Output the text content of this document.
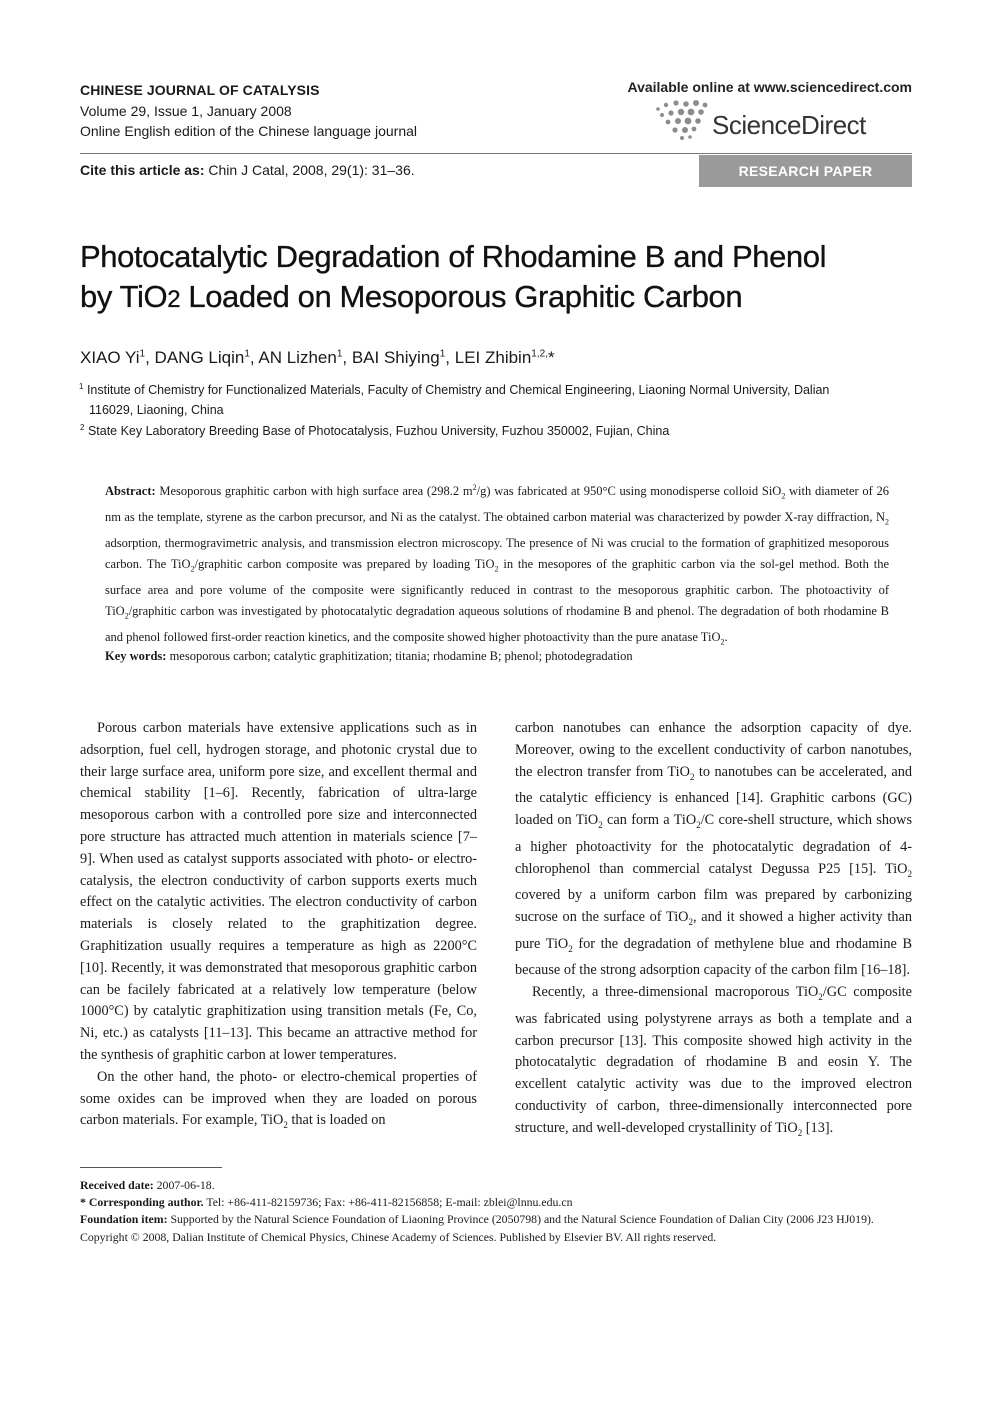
CHINESE JOURNAL OF CATALYSIS
Volume 29, Issue 1, January 2008
Online English edition of the Chinese language journal
Available online at www.sciencedirect.com
ScienceDirect
Cite this article as: Chin J Catal, 2008, 29(1): 31–36.	RESEARCH PAPER
Photocatalytic Degradation of Rhodamine B and Phenol
by TiO2 Loaded on Mesoporous Graphitic Carbon
XIAO Yi$^1$, DANG Liqin$^1$, AN Lizhen$^1$, BAI Shiying$^1$, LEI Zhibin$^{1,2,}$*
$^1$ Institute of Chemistry for Functionalized Materials, Faculty of Chemistry and Chemical Engineering, Liaoning Normal University, Dalian
116029, Liaoning, China
$^2$ State Key Laboratory Breeding Base of Photocatalysis, Fuzhou University, Fuzhou 350002, Fujian, China
Abstract: Mesoporous graphitic carbon with high surface area (298.2 $m^2/g$) was fabricated at 950°C using monodisperse colloid SiO$_2$ with diameter of 26 nm as the template, styrene as the carbon precursor, and Ni as the catalyst. The obtained carbon material was characterized by powder X-ray diffraction, $N_2$ adsorption, thermogravimetric analysis, and transmission electron microscopy. The presence of Ni was crucial to the formation of graphitized mesoporous carbon. The TiO$_2$/graphitic carbon composite was prepared by loading TiO$_2$ in the mesopores of the graphitic carbon via the sol-gel method. Both the surface area and pore volume of the composite were significantly reduced in contrast to the mesoporous graphitic carbon. The photoactivity of TiO$_2$/graphitic carbon was investigated by photocatalytic degradation aqueous solutions of rhodamine B and phenol. The degradation of both rhodamine B and phenol followed first-order reaction kinetics, and the composite showed higher photoactivity than the pure anatase TiO$_2$.
Key words: mesoporous carbon; catalytic graphitization; titania; rhodamine B; phenol; photodegradation

Porous carbon materials have extensive applications such as in adsorption, fuel cell, hydrogen storage, and photonic crystal due to their large surface area, uniform pore size, and excellent thermal and chemical stability [1–6]. Recently, fabrication of ultra-large mesoporous carbon with a controlled pore size and interconnected pore structure has attracted much attention in materials science [7–9]. When used as catalyst supports associated with photo- or electro-catalysis, the electron conductivity of carbon supports exerts much effect on the catalytic activities. The electron conductivity of carbon materials is closely related to the graphitization degree. Graphitization usually requires a temperature as high as 2200°C [10]. Recently, it was demonstrated that mesoporous graphitic carbon can be facilely fabricated at a relatively low temperature (below 1000°C) by catalytic graphitization using transition metals (Fe, Co, Ni, etc.) as catalysts [11–13]. This became an attractive method for the synthesis of graphitic carbon at lower temperatures.

On the other hand, the photo- or electro-chemical properties of some oxides can be improved when they are loaded on porous carbon materials. For example, TiO$_2$ that is loaded on

carbon nanotubes can enhance the adsorption capacity of dye. Moreover, owing to the excellent conductivity of carbon nanotubes, the electron transfer from TiO$_2$ to nanotubes can be accelerated, and the catalytic efficiency is enhanced [14]. Graphitic carbons (GC) loaded on TiO$_2$ can form a TiO$_2$/C core-shell structure, which shows a higher photoactivity for the photocatalytic degradation of 4-chlorophenol than commercial catalyst Degussa P25 [15]. TiO$_2$ covered by a uniform carbon film was prepared by carbonizing sucrose on the surface of TiO$_2$, and it showed a higher activity than pure TiO$_2$ for the degradation of methylene blue and rhodamine B because of the strong adsorption capacity of the carbon film [16–18].

Recently, a three-dimensional macroporous TiO$_2$/GC composite was fabricated using polystyrene arrays as both a template and a carbon precursor [13]. This composite showed high activity in the photocatalytic degradation of rhodamine B and eosin Y. The excellent catalytic activity was due to the improved electron conductivity of carbon, three-dimensionally interconnected pore structure, and well-developed crystallinity of TiO$_2$ [13].

Received date: 2007-06-18.
* Corresponding author. Tel: +86-411-82159736; Fax: +86-411-82156858; E-mail: zblei@lnnu.edu.cn
Foundation item: Supported by the Natural Science Foundation of Liaoning Province (2050798) and the Natural Science Foundation of Dalian City (2006 J23 HJ019).
Copyright © 2008, Dalian Institute of Chemical Physics, Chinese Academy of Sciences. Published by Elsevier BV. All rights reserved.
